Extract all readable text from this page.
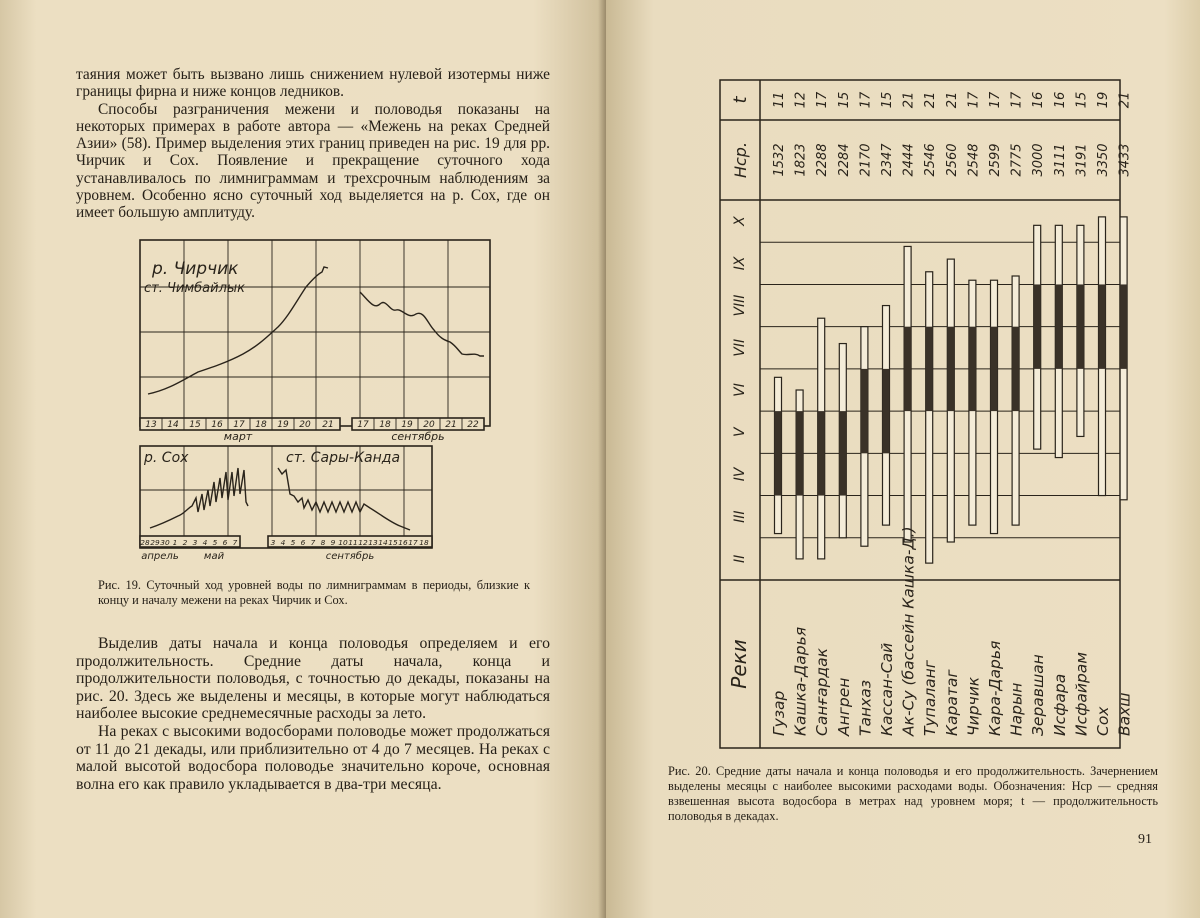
таяния может быть вызвано лишь снижением нулевой изотермы ниже границы фирна и ниже концов ледников.

Способы разграничения межени и половодья показаны на некоторых примерах в работе автора — «Межень на реках Средней Азии» (58). Пример выделения этих границ приведен на рис. 19 для рр. Чирчик и Сох. Появление и прекращение суточного хода устанавливалось по лимниграммам и трехсрочным наблюдениям за уровнем. Особенно ясно суточный ход выделяется на р. Сох, где он имеет большую амплитуду.

13 14 15 16 17 18 19 20 21	17 18 19 20 21 22
март	сентябрь
р. Чирчик
ст. Чимбайлык
28 29 30 1 2 3 4 5 6 7	3 4 5 6 7 8 9 10 11 12 13 14 15 16 17 18
апрель	май	сентябрь
р. Сох	ст. Сары-Канда
Рис. 19. Суточный ход уровней воды по лимниграммам в периоды, близкие к концу и началу межени на реках Чирчик и Сох.

Выделив даты начала и конца половодья определяем и его продолжительность. Средние даты начала, конца и продолжительности половодья, с точностью до декады, показаны на рис. 20. Здесь же выделены и месяцы, в которые могут наблюдаться наиболее высокие среднемесячные расходы за лето.

На реках с высокими водосборами половодье может продолжаться от 11 до 21 декады, или приблизительно от 4 до 7 месяцев. На реках с малой высотой водосбора половодье значительно короче, основная волна его как правило укладывается в два-три месяца.

t
Нср.
Реки
II
III
IV
V
VI
VII
VIII
IX
X
11
1532
Гузар
12
1823
Кашка-Дарья
17
2288
Санғардак
15
2284
Ангрен
17
2170
Танхаз
15
2347
Кассан-Сай
21
2444
Ак-Су (бассейн Кашка-Д.)
21
2546
Тупаланг
21
2560
Каратаг
17
2548
Чирчик
17
2599
Кара-Дарья
17
2775
Нарын
16
3000
Зеравшан
16
3111
Исфара
15
3191
Исфайрам
19
3350
Сох
21
3433
Вахш
Рис. 20. Средние даты начала и конца половодья и его продолжительность. Зачернением выделены месяцы с наиболее высокими расходами воды. Обозначения: Нср — средняя взвешенная высота водосбора в метрах над уровнем моря; t — продолжительность половодья в декадах.
91
